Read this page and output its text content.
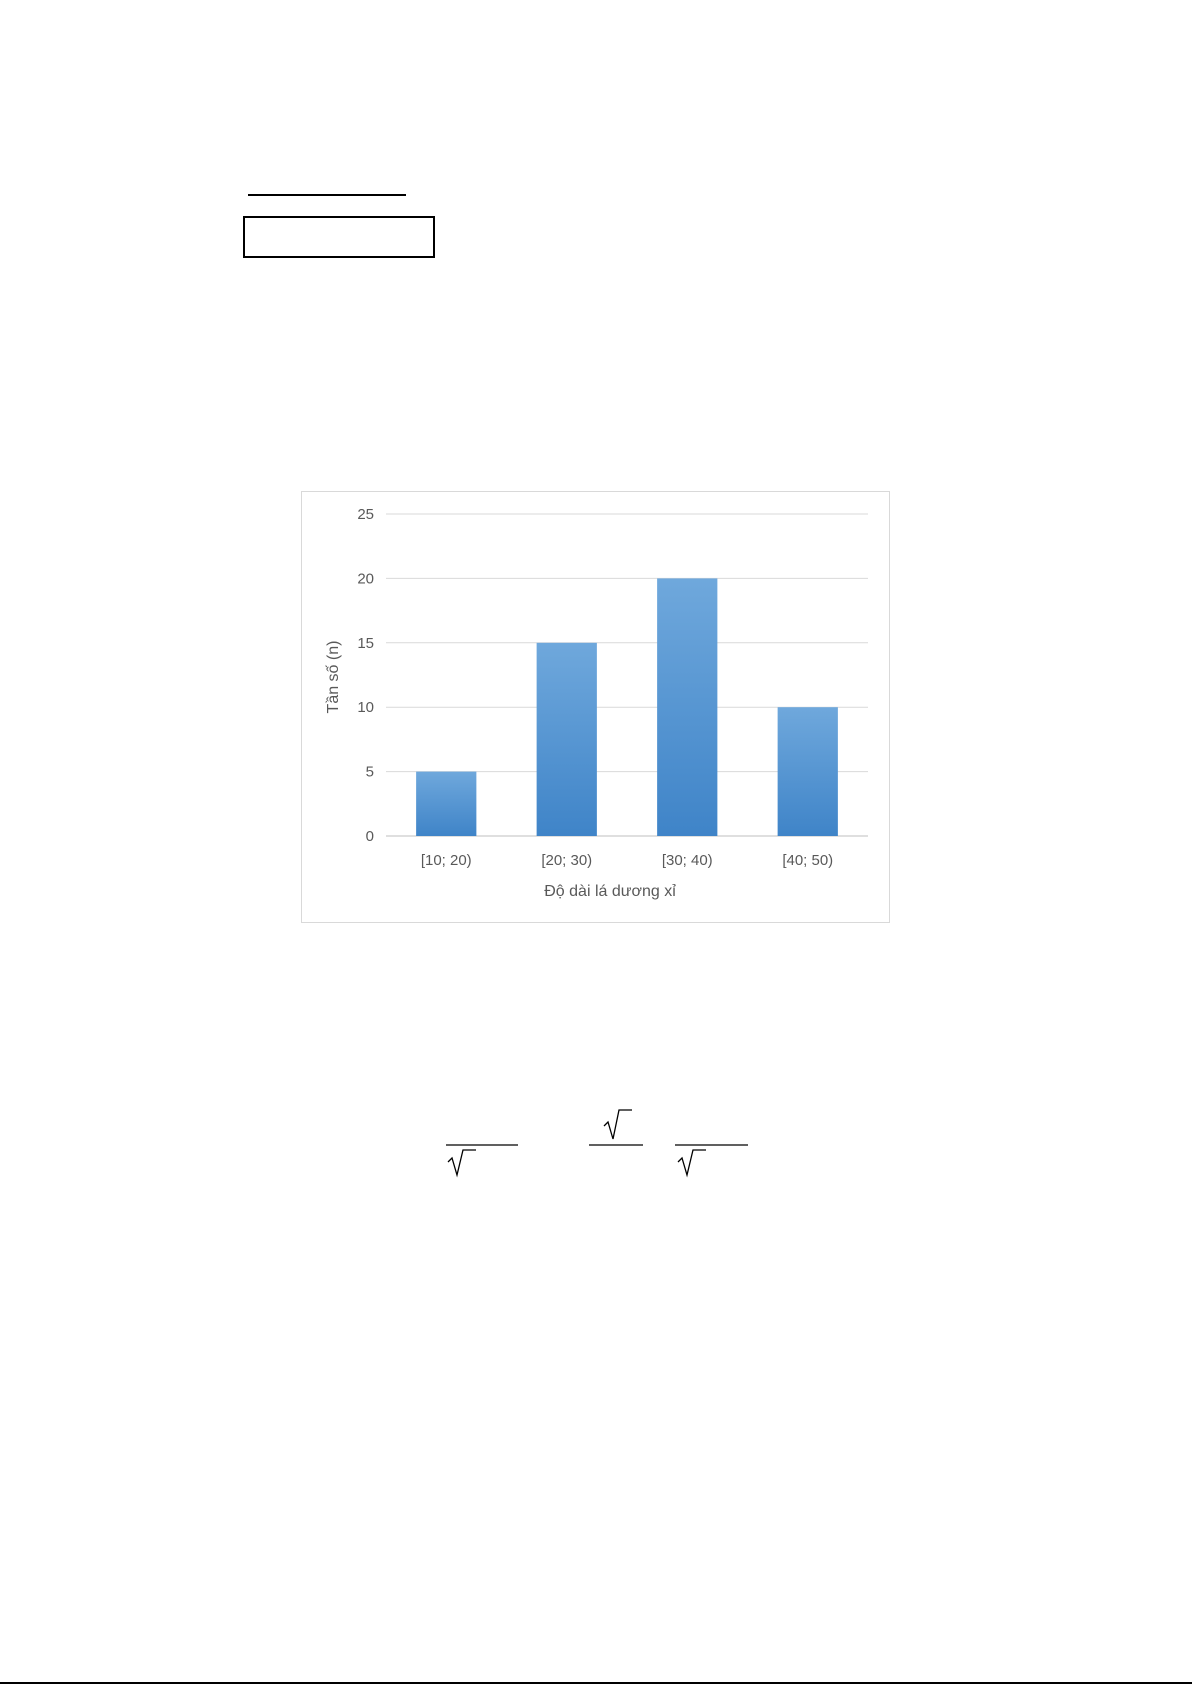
0
5
10
15
20
25
[10; 20)	[20; 30)	[30; 40)	[40; 50)
Độ dài lá dương xỉ
Tần số (n)
